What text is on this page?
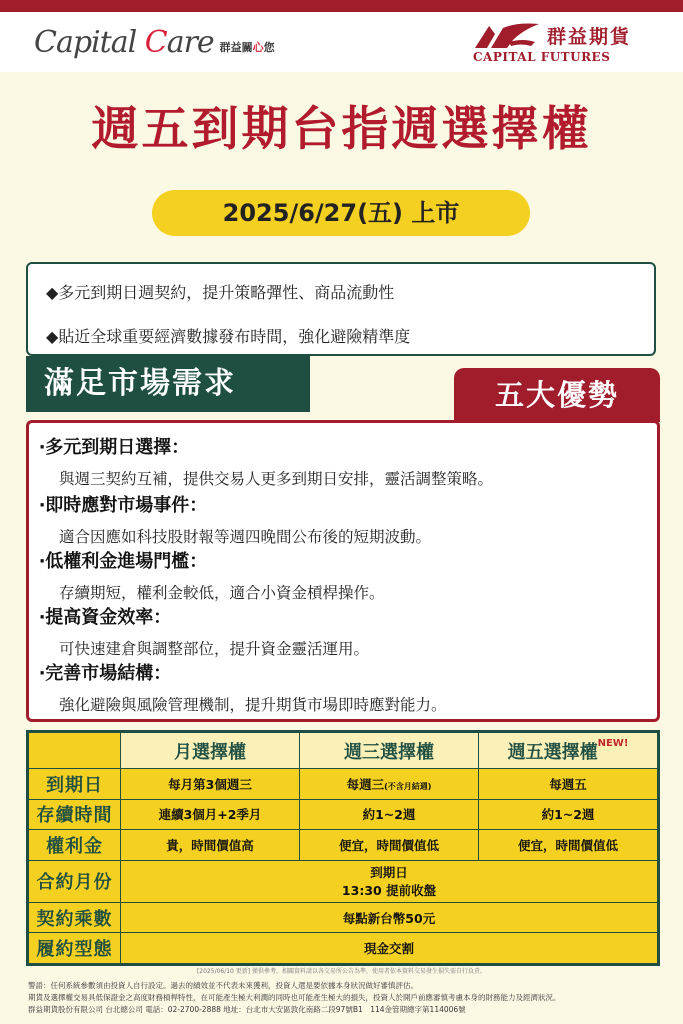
Capital Care 群益關心您	群益期貨
CAPITAL FUTURES
週五到期台指週選擇權
2025/6/27(五) 上市
◆多元到期日週契約，提升策略彈性、商品流動性
◆貼近全球重要經濟數據發布時間，強化避險精準度
滿足市場需求	五大優勢
‧多元到期日選擇：
與週三契約互補，提供交易人更多到期日安排，靈活調整策略。
‧即時應對市場事件：
適合因應如科技股財報等週四晚間公布後的短期波動。
‧低權利金進場門檻：
存續期短，權利金較低，適合小資金槓桿操作。
‧提高資金效率：
可快速建倉與調整部位，提升資金靈活運用。
‧完善市場結構：
強化避險與風險管理機制，提升期貨市場即時應對能力。
	月選擇權	週三選擇權	週五選擇權$^{NEW!}$
到期日	每月第3個週三	每週三(不含月結週)	每週五
存續時間	連續3個月+2季月	約1~2週	約1~2週
權利金	貴，時間價值高	便宜，時間價值低	便宜，時間價值低
合約月份	到期日
13:30 提前收盤		

契約乘數	每點新台幣50元		
履約型態	現金交割		
[2025/06/10 更新] 僅供參考，相關資料請以各交易所公告為準，使用者依本資料交易發生損失需自行負責。
警語：任何系統參數須由投資人自行設定。過去的績效並不代表未來獲利，投資人還是要依據本身狀況做好審慎評估。
期貨及選擇權交易具低保證金之高度財務槓桿特性，在可能產生極大利潤的同時也可能產生極大的損失，投資人於開戶前應審慎考慮本身的財務能力及經濟狀況。
群益期貨股份有限公司 台北總公司 電話：02-2700-2888 地址：台北市大安區敦化南路二段97號B1　114金管期總字第114006號
